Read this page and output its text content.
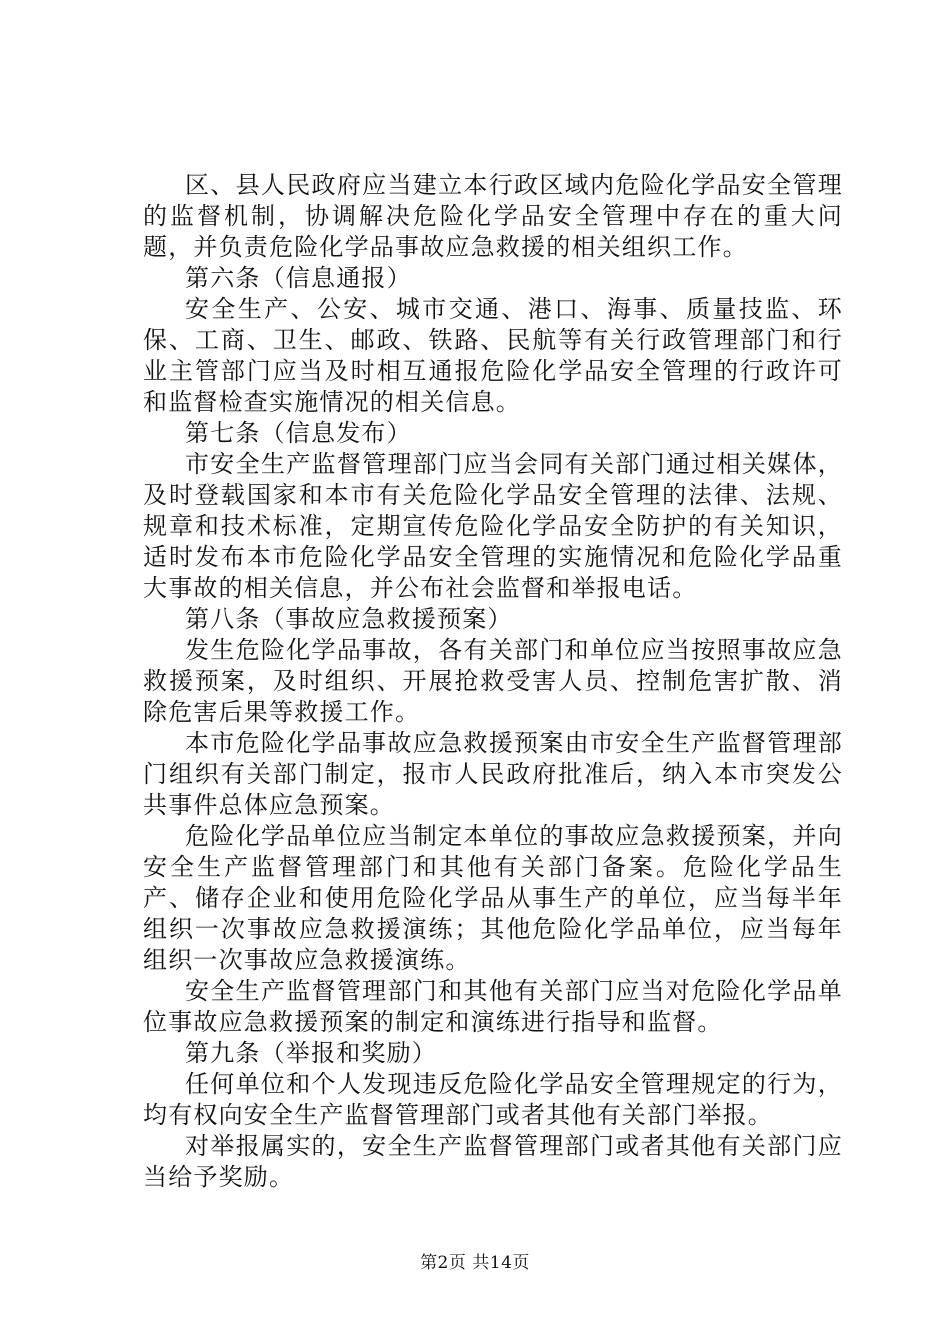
区、县人民政府应当建立本行政区域内危险化学品安全管理的监督机制，协调解决危险化学品安全管理中存在的重大问题，并负责危险化学品事故应急救援的相关组织工作。

第六条（信息通报）

安全生产、公安、城市交通、港口、海事、质量技监、环保、工商、卫生、邮政、铁路、民航等有关行政管理部门和行业主管部门应当及时相互通报危险化学品安全管理的行政许可和监督检查实施情况的相关信息。

第七条（信息发布）

市安全生产监督管理部门应当会同有关部门通过相关媒体，及时登载国家和本市有关危险化学品安全管理的法律、法规、规章和技术标准，定期宣传危险化学品安全防护的有关知识，适时发布本市危险化学品安全管理的实施情况和危险化学品重大事故的相关信息，并公布社会监督和举报电话。

第八条（事故应急救援预案）

发生危险化学品事故，各有关部门和单位应当按照事故应急救援预案，及时组织、开展抢救受害人员、控制危害扩散、消除危害后果等救援工作。

本市危险化学品事故应急救援预案由市安全生产监督管理部门组织有关部门制定，报市人民政府批准后，纳入本市突发公共事件总体应急预案。

危险化学品单位应当制定本单位的事故应急救援预案，并向安全生产监督管理部门和其他有关部门备案。危险化学品生产、储存企业和使用危险化学品从事生产的单位，应当每半年组织一次事故应急救援演练；其他危险化学品单位，应当每年组织一次事故应急救援演练。

安全生产监督管理部门和其他有关部门应当对危险化学品单位事故应急救援预案的制定和演练进行指导和监督。

第九条（举报和奖励）

任何单位和个人发现违反危险化学品安全管理规定的行为，均有权向安全生产监督管理部门或者其他有关部门举报。

对举报属实的，安全生产监督管理部门或者其他有关部门应当给予奖励。

第2页 共14页
